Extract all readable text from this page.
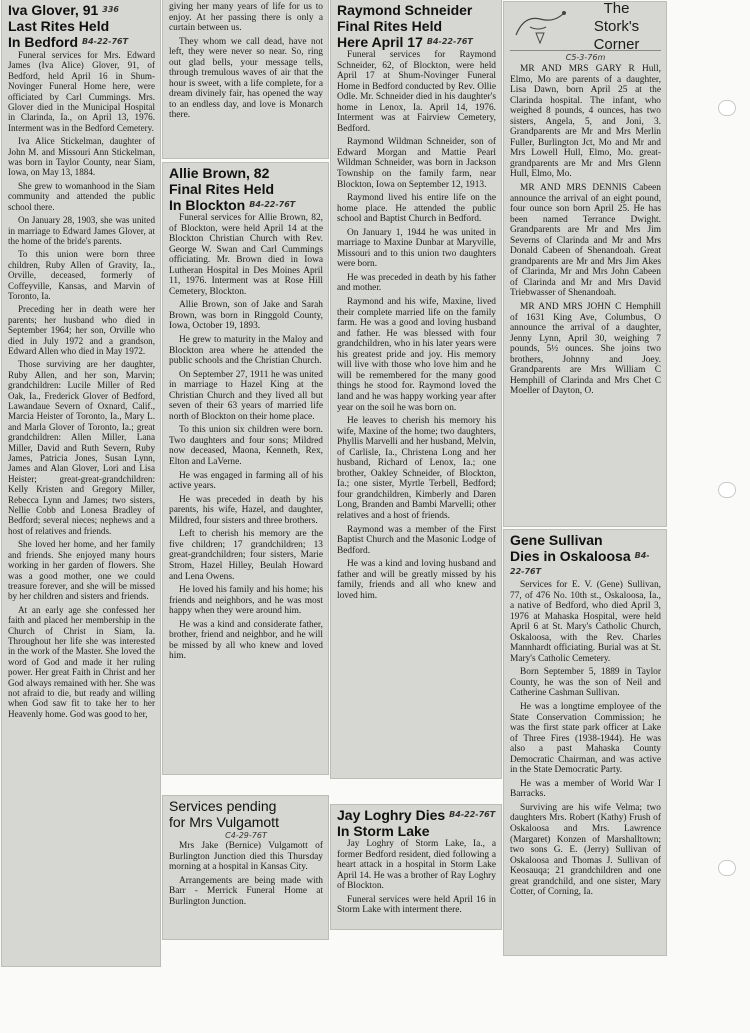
Iva Glover, 91 $^{336}$
Last Rites Held
In Bedford $^{B4-22-76T}$

Funeral services for Mrs. Edward James (Iva Alice) Glover, 91, of Bedford, held April 16 in Shum-Novinger Funeral Home here, were officiated by Carl Cummings. Mrs. Glover died in the Municipal Hospital in Clarinda, Ia., on April 13, 1976. Interment was in the Bedford Cemetery.

Iva Alice Stickelman, daughter of John M. and Missouri Ann Stickelman, was born in Taylor County, near Siam, Iowa, on May 13, 1884.

She grew to womanhood in the Siam community and attended the public school there.

On January 28, 1903, she was united in marriage to Edward James Glover, at the home of the bride's parents.

To this union were born three children, Ruby Allen of Gravity, Ia., Orville, deceased, formerly of Coffeyville, Kansas, and Marvin of Toronto, Ia.

Preceding her in death were her parents; her husband who died in September 1964; her son, Orville who died in July 1972 and a grandson, Edward Allen who died in May 1972.

Those surviving are her daughter, Ruby Allen, and her son, Marvin; grandchildren: Lucile Miller of Red Oak, Ia., Frederick Glover of Bedford, Lawandaue Severn of Oxnard, Calif., Marcia Heister of Toronto, Ia., Mary L. and Marla Glover of Toronto, Ia.; great grandchildren: Allen Miller, Lana Miller, David and Ruth Severn, Ruby James, Patricia Jones, Susan Lynn, James and Alan Glover, Lori and Lisa Heister; great-great-grandchildren: Kelly Kristen and Gregory Miller, Rebecca Lynn and James; two sisters, Nellie Cobb and Lonesa Bradley of Bedford; several nieces; nephews and a host of relatives and friends.

She loved her home, and her family and friends. She enjoyed many hours working in her garden of flowers. She was a good mother, one we could treasure forever, and she will be missed by her children and sisters and friends.

At an early age she confessed her faith and placed her membership in the Church of Christ in Siam, Ia. Throughout her life she was interested in the work of the Master. She loved the word of God and made it her ruling power. Her great Faith in Christ and her God always remained with her. She was not afraid to die, but ready and willing when God saw fit to take her to her Heavenly home. God was good to her,

giving her many years of life for us to enjoy. At her passing there is only a curtain between us.

They whom we call dead, have not left, they were never so near. So, ring out glad bells, your message tells, through tremulous waves of air that the hour is sweet, with a life complete, for a dream divinely fair, has opened the way to an endless day, and love is Monarch there.

Allie Brown, 82
Final Rites Held
In Blockton $^{B4-22-76T}$

Funeral services for Allie Brown, 82, of Blockton, were held April 14 at the Blockton Christian Church with Rev. George W. Swan and Carl Cummings officiating. Mr. Brown died in Iowa Lutheran Hospital in Des Moines April 11, 1976. Interment was at Rose Hill Cemetery, Blockton.

Allie Brown, son of Jake and Sarah Brown, was born in Ringgold County, Iowa, October 19, 1893.

He grew to maturity in the Maloy and Blockton area where he attended the public schools and the Christian Church.

On September 27, 1911 he was united in marriage to Hazel King at the Christian Church and they lived all but seven of their 63 years of married life north of Blockton on their home place.

To this union six children were born. Two daughters and four sons; Mildred now deceased, Maona, Kenneth, Rex, Elton and LaVerne.

He was engaged in farming all of his active years.

He was preceded in death by his parents, his wife, Hazel, and daughter, Mildred, four sisters and three brothers.

Left to cherish his memory are the five children; 17 grandchildren; 13 great-grandchildren; four sisters, Marie Strom, Hazel Hilley, Beulah Howard and Lena Owens.

He loved his family and his home; his friends and neighbors, and he was most happy when they were around him.

He was a kind and considerate father, brother, friend and neighbor, and he will be missed by all who knew and loved him.

Services pending
for Mrs Vulgamott
C4-29-76T

Mrs Jake (Bernice) Vulgamott of Burlington Junction died this Thursday morning at a hospital in Kansas City.

Arrangements are being made with Barr - Merrick Funeral Home at Burlington Junction.

Raymond Schneider
Final Rites Held
Here April 17 $^{B4-22-76T}$

Funeral services for Raymond Schneider, 62, of Blockton, were held April 17 at Shum-Novinger Funeral Home in Bedford conducted by Rev. Ollie Odle. Mr. Schneider died in his daughter's home in Lenox, Ia. April 14, 1976. Interment was at Fairview Cemetery, Bedford.

Raymond Wildman Schneider, son of Edward Morgan and Mattie Pearl Wildman Schneider, was born in Jackson Township on the family farm, near Blockton, Iowa on September 12, 1913.

Raymond lived his entire life on the home place. He attended the public school and Baptist Church in Bedford.

On January 1, 1944 he was united in marriage to Maxine Dunbar at Maryville, Missouri and to this union two daughters were born.

He was preceded in death by his father and mother.

Raymond and his wife, Maxine, lived their complete married life on the family farm. He was a good and loving husband and father. He was blessed with four grandchildren, who in his later years were his greatest pride and joy. His memory will live with those who love him and he will be remembered for the many good things he stood for. Raymond loved the land and he was happy working year after year on the soil he was born on.

He leaves to cherish his memory his wife, Maxine of the home; two daughters, Phyllis Marvelli and her husband, Melvin, of Carlisle, Ia., Christena Long and her husband, Richard of Lenox, Ia.; one brother, Oakley Schneider, of Blockton, Ia.; one sister, Myrtle Terbell, Bedford; four grandchildren, Kimberly and Daren Long, Branden and Bambi Marvelli; other relatives and a host of friends.

Raymond was a member of the First Baptist Church and the Masonic Lodge of Bedford.

He was a kind and loving husband and father and will be greatly missed by his family, friends and all who knew and loved him.

Jay Loghry Dies $^{B4-22-76T}$
In Storm Lake

Jay Loghry of Storm Lake, Ia., a former Bedford resident, died following a heart attack in a hospital in Storm Lake April 14. He was a brother of Ray Loghry of Blockton.

Funeral services were held April 16 in Storm Lake with interment there.

The
Stork's Corner
C5-3-76m

MR AND MRS GARY R Hull, Elmo, Mo are parents of a daughter, Lisa Dawn, born April 25 at the Clarinda hospital. The infant, who weighed 8 pounds, 4 ounces, has two sisters, Angela, 5, and Joni, 3. Grandparents are Mr and Mrs Merlin Fuller, Burlington Jct, Mo and Mr and Mrs Lowell Hull, Elmo, Mo. great-grandparents are Mr and Mrs Glenn Hull, Elmo, Mo.

MR AND MRS DENNIS Cabeen announce the arrival of an eight pound, four ounce son born April 25. He has been named Terrance Dwight. Grandparents are Mr and Mrs Jim Severns of Clarinda and Mr and Mrs Donald Cabeen of Shenandoah. Great grandparents are Mr and Mrs Jim Akes of Clarinda, Mr and Mrs John Cabeen of Clarinda and Mr and Mrs David Triebwasser of Shenandoah.

MR AND MRS JOHN C Hemphill of 1631 King Ave, Columbus, O announce the arrival of a daughter, Jenny Lynn, April 30, weighing 7 pounds, 5½ ounces. She joins two brothers, Johnny and Joey. Grandparents are Mrs William C Hemphill of Clarinda and Mrs Chet C Moeller of Dayton, O.

Gene Sullivan
Dies in Oskaloosa $^{B4-22-76T}$

Services for E. V. (Gene) Sullivan, 77, of 476 No. 10th st., Oskaloosa, Ia., a native of Bedford, who died April 3, 1976 at Mahaska Hospital, were held April 6 at St. Mary's Catholic Church, Oskaloosa, with the Rev. Charles Mannhardt officiating. Burial was at St. Mary's Catholic Cemetery.

Born September 5, 1889 in Taylor County, he was the son of Neil and Catherine Cashman Sullivan.

He was a longtime employee of the State Conservation Commission; he was the first state park officer at Lake of Three Fires (1938-1944). He was also a past Mahaska County Democratic Chairman, and was active in the State Democratic Party.

He was a member of World War I Barracks.

Surviving are his wife Velma; two daughters Mrs. Robert (Kathy) Frush of Oskaloosa and Mrs. Lawrence (Margaret) Konzen of Marshalltown; two sons G. E. (Jerry) Sullivan of Oskaloosa and Thomas J. Sullivan of Keosauqa; 21 grandchildren and one great grandchild, and one sister, Mary Cotter, of Corning, Ia.
